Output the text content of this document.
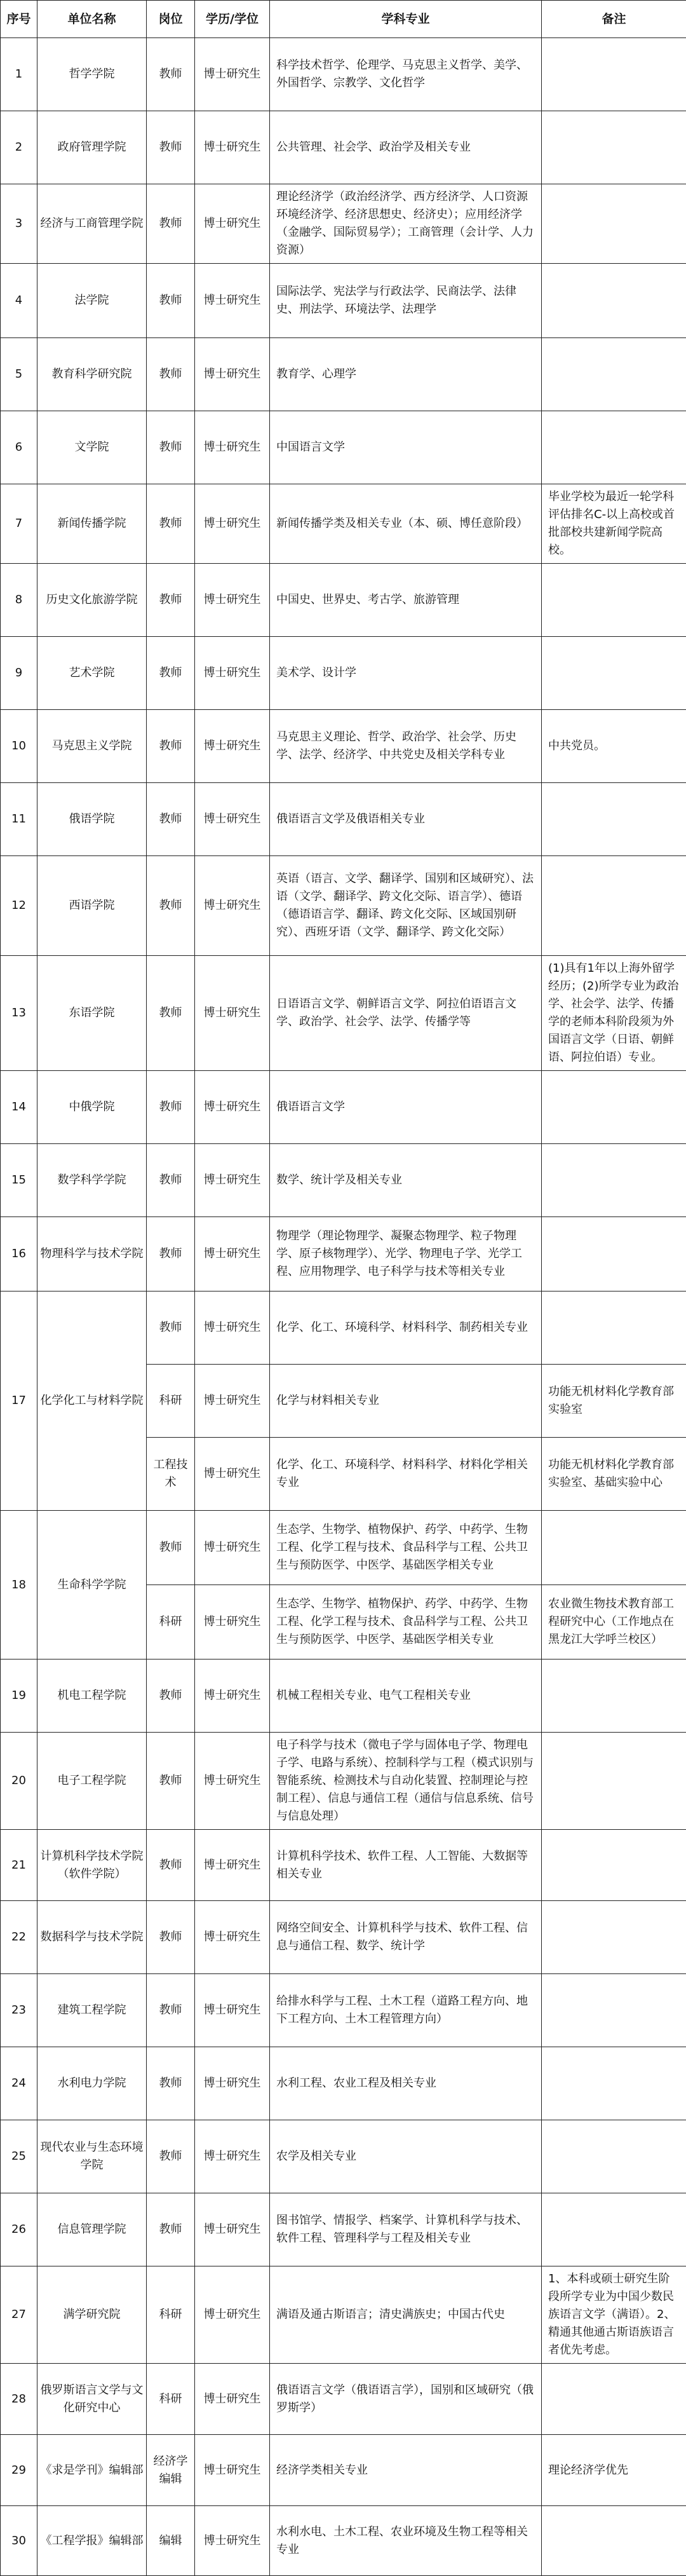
序号	单位名称	岗位	学历/学位	学科专业	备注
1	哲学学院	教师	博士研究生	科学技术哲学、伦理学、马克思主义哲学、美学、外国哲学、宗教学、文化哲学	
2	政府管理学院	教师	博士研究生	公共管理、社会学、政治学及相关专业	
3	经济与工商管理学院	教师	博士研究生	理论经济学（政治经济学、西方经济学、人口资源环境经济学、经济思想史、经济史）；应用经济学（金融学、国际贸易学）；工商管理（会计学、人力资源）	
4	法学院	教师	博士研究生	国际法学、宪法学与行政法学、民商法学、法律史、刑法学、环境法学、法理学	
5	教育科学研究院	教师	博士研究生	教育学、心理学	
6	文学院	教师	博士研究生	中国语言文学	
7	新闻传播学院	教师	博士研究生	新闻传播学类及相关专业（本、硕、博任意阶段）	毕业学校为最近一轮学科评估排名C-以上高校或首批部校共建新闻学院高校。
8	历史文化旅游学院	教师	博士研究生	中国史、世界史、考古学、旅游管理	
9	艺术学院	教师	博士研究生	美术学、设计学	
10	马克思主义学院	教师	博士研究生	马克思主义理论、哲学、政治学、社会学、历史学、法学、经济学、中共党史及相关学科专业	中共党员。
11	俄语学院	教师	博士研究生	俄语语言文学及俄语相关专业	
12	西语学院	教师	博士研究生	英语（语言、文学、翻译学、国别和区域研究）、法语（文学、翻译学、跨文化交际、语言学）、德语（德语语言学、翻译、跨文化交际、区域国别研究）、西班牙语（文学、翻译学、跨文化交际）	
13	东语学院	教师	博士研究生	日语语言文学、朝鲜语言文学、阿拉伯语语言文学、政治学、社会学、法学、传播学等	(1)具有1年以上海外留学经历；(2)所学专业为政治学、社会学、法学、传播学的老师本科阶段须为外国语言文学（日语、朝鲜语、阿拉伯语）专业。
14	中俄学院	教师	博士研究生	俄语语言文学	
15	数学科学学院	教师	博士研究生	数学、统计学及相关专业	
16	物理科学与技术学院	教师	博士研究生	物理学（理论物理学、凝聚态物理学、粒子物理学、原子核物理学）、光学、物理电子学、光学工程、应用物理学、电子科学与技术等相关专业	
17	化学化工与材料学院	教师	博士研究生	化学、化工、环境科学、材料科学、制药相关专业	
		科研	博士研究生	化学与材料相关专业	功能无机材料化学教育部实验室
		工程技术	博士研究生	化学、化工、环境科学、材料科学、材料化学相关专业	功能无机材料化学教育部实验室、基础实验中心
18	生命科学学院	教师	博士研究生	生态学、生物学、植物保护、药学、中药学、生物工程、化学工程与技术、食品科学与工程、公共卫生与预防医学、中医学、基础医学相关专业	
		科研	博士研究生	生态学、生物学、植物保护、药学、中药学、生物工程、化学工程与技术、食品科学与工程、公共卫生与预防医学、中医学、基础医学相关专业	农业微生物技术教育部工程研究中心（工作地点在黑龙江大学呼兰校区）
19	机电工程学院	教师	博士研究生	机械工程相关专业、电气工程相关专业	
20	电子工程学院	教师	博士研究生	电子科学与技术（微电子学与固体电子学、物理电子学、电路与系统）、控制科学与工程（模式识别与智能系统、检测技术与自动化装置、控制理论与控制工程）、信息与通信工程（通信与信息系统、信号与信息处理）	
21	计算机科学技术学院（软件学院）	教师	博士研究生	计算机科学技术、软件工程、人工智能、大数据等相关专业	
22	数据科学与技术学院	教师	博士研究生	网络空间安全、计算机科学与技术、软件工程、信息与通信工程、数学、统计学	
23	建筑工程学院	教师	博士研究生	给排水科学与工程、土木工程（道路工程方向、地下工程方向、土木工程管理方向）	
24	水利电力学院	教师	博士研究生	水利工程、农业工程及相关专业	
25	现代农业与生态环境学院	教师	博士研究生	农学及相关专业	
26	信息管理学院	教师	博士研究生	图书馆学、情报学、档案学、计算机科学与技术、软件工程、管理科学与工程及相关专业	
27	满学研究院	科研	博士研究生	满语及通古斯语言；清史满族史；中国古代史	1、本科或硕士研究生阶段所学专业为中国少数民族语言文学（满语）。2、精通其他通古斯语族语言者优先考虑。
28	俄罗斯语言文学与文化研究中心	科研	博士研究生	俄语语言文学（俄语语言学），国别和区域研究（俄罗斯学）	
29	《求是学刊》编辑部	经济学编辑	博士研究生	经济学类相关专业	理论经济学优先
30	《工程学报》编辑部	编辑	博士研究生	水利水电、土木工程、农业环境及生物工程等相关专业	
